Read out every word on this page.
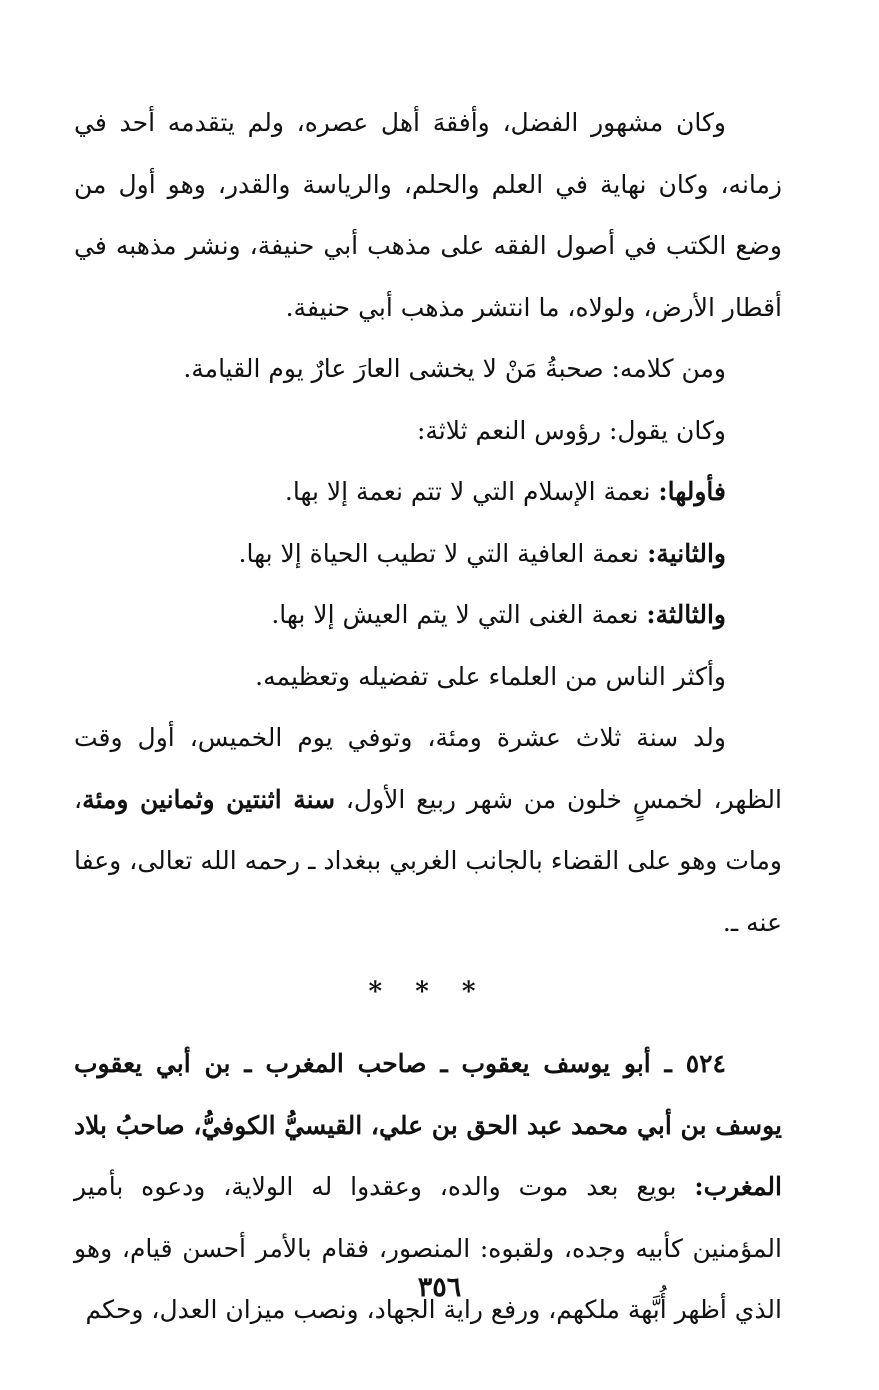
وكان مشهور الفضل، وأفقهَ أهل عصره، ولم يتقدمه أحد في زمانه، وكان نهاية في العلم والحلم، والرياسة والقدر، وهو أول من وضع الكتب في أصول الفقه على مذهب أبي حنيفة، ونشر مذهبه في أقطار الأرض، ولولاه، ما انتشر مذهب أبي حنيفة.

ومن كلامه: صحبةُ مَنْ لا يخشى العارَ عارٌ يوم القيامة.

وكان يقول: رؤوس النعم ثلاثة:

فأولها: نعمة الإسلام التي لا تتم نعمة إلا بها.

والثانية: نعمة العافية التي لا تطيب الحياة إلا بها.

والثالثة: نعمة الغنى التي لا يتم العيش إلا بها.

وأكثر الناس من العلماء على تفضيله وتعظيمه.

ولد سنة ثلاث عشرة ومئة، وتوفي يوم الخميس، أول وقت الظهر، لخمسٍ خلون من شهر ربيع الأول، سنة اثنتين وثمانين ومئة، ومات وهو على القضاء بالجانب الغربي ببغداد ـ رحمه الله تعالى، وعفا عنه ـ.

* * *

٥٢٤ ـ أبو يوسف يعقوب ـ صاحب المغرب ـ بن أبي يعقوب يوسف بن أبي محمد عبد الحق بن علي، القيسيُّ الكوفيُّ، صاحبُ بلاد المغرب: بويع بعد موت والده، وعقدوا له الولاية، ودعوه بأمير المؤمنين كأبيه وجده، ولقبوه: المنصور، فقام بالأمر أحسن قيام، وهو الذي أظهر أُبَّهة ملكهم، ورفع راية الجهاد، ونصب ميزان العدل، وحكم

٣٥٦
